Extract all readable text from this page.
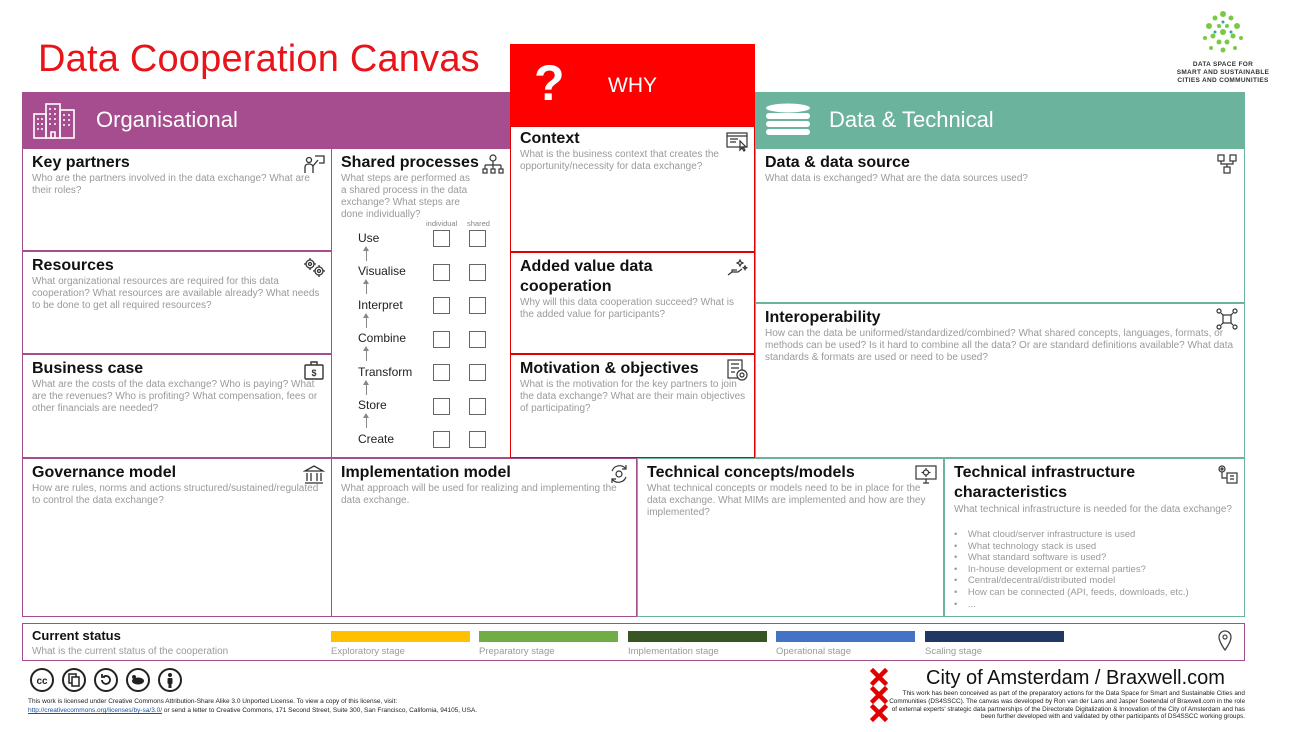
Data Cooperation Canvas	DATA SPACE FOR
SMART AND SUSTAINABLE
CITIES AND COMMUNITIES
Organisational
? WHY
Data & Technical
Key partners
Who are the partners involved in the data exchange? What are their roles?
Resources
What organizational resources are required for this data cooperation? What resources are available already? What needs to be done to get all required resources?
Business case
What are the costs of the data exchange? Who is paying? What are the revenues? Who is profiting? What compensation, fees or other financials are needed?
$
Shared processes
What steps are performed as a shared process in the data exchange? What steps are done individually?
individual shared
Use
Visualise
Interpret
Combine
Transform
Store
Create
Context
What is the business context that creates the opportunity/necessity for data exchange?
Added value data cooperation
Why will this data cooperation succeed? What is the added value for participants?
Motivation & objectives
What is the motivation for the key partners to join the data exchange? What are their main objectives of participating?
Data & data source
What data is exchanged? What are the data sources used?
Interoperability
How can the data be uniformed/standardized/combined? What shared concepts, languages, formats, or methods can be used? Is it hard to combine all the data? Or are standard definitions available? What data standards & formats are used or need to be used?
Governance model
How are rules, norms and actions structured/sustained/regulated to control the data exchange?
Implementation model
What approach will be used for realizing and implementing the data exchange.
Technical concepts/models
What technical concepts or models need to be in place for the data exchange. What MIMs are implemented and how are they implemented?
Technical infrastructure characteristics
What technical infrastructure is needed for the data exchange?
•    What cloud/server infrastructure is used
•    What technology stack is used
•    What standard software is used?
•    In-house development or external parties?
•    Central/decentral/distributed model
•    How can be connected (API, feeds, downloads, etc.)
•    ...
Current status
What is the current status of the cooperation	Exploratory stage	Preparatory stage	Implementation stage	Operational stage	Scaling stage
cc
This work is licensed under Creative Commons Attribution-Share Alike 3.0 Unported License. To view a copy of this license, visit:
http://creativecommons.org/licenses/by-sa/3.0/ or send a letter to Creative Commons, 171 Second Street, Suite 300, San Francisco, California, 94105, USA.
City of Amsterdam / Braxwell.com
This work has been conceived as part of the preparatory actions for the Data Space for Smart and Sustainable Cities and Communities (DS4SSCC). The canvas was developed by Ron van der Lans and Jasper Soetendal of Braxwell.com in the role of external experts' strategic data partnerships of the Directorate Digitalization & Innovation of the City of Amsterdam and has been further developed with and validated by other participants of DS4SSCC working groups.
